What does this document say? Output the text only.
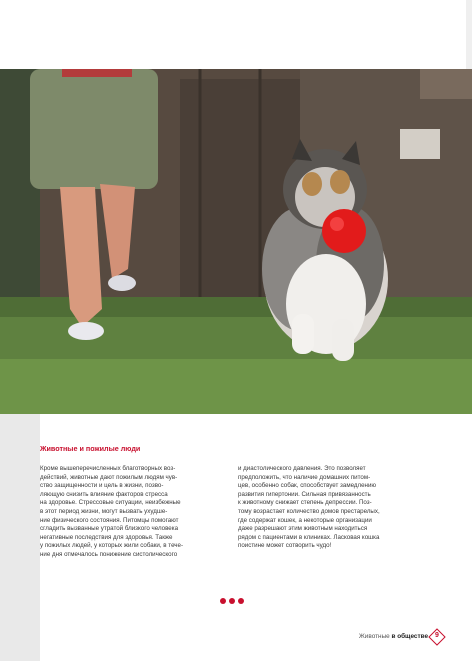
Животные и пожилые люди
Кроме вышеперечисленных благотворных воз-
действий, животные дают пожилым людям чув-
ство защищенности и цель в жизни, позво-
ляющую снизить влияние факторов стресса
на здоровье. Стрессовые ситуации, неизбежные
в этот период жизни, могут вызвать ухудше-
ние физического состояния. Питомцы помогают
сгладить вызванные утратой близкого человека
негативные последствия для здоровья. Также
у пожилых людей, у которых жили собаки, в тече-
ние дня отмечалось понижение систолического
и диастолического давления. Это позволяет
предположить, что наличие домашних питом-
цев, особенно собак, способствует замедлению
развития гипертонии. Сильная привязанность
к животному снижает степень депрессии. Поз-
тому возрастает количество домов престарелых,
где содержат кошек, а некоторые организации
даже разрешают этим животным находиться
рядом с пациентами в клиниках. Ласковая кошка
поистине может сотворить чудо!
Животные в обществе	9
